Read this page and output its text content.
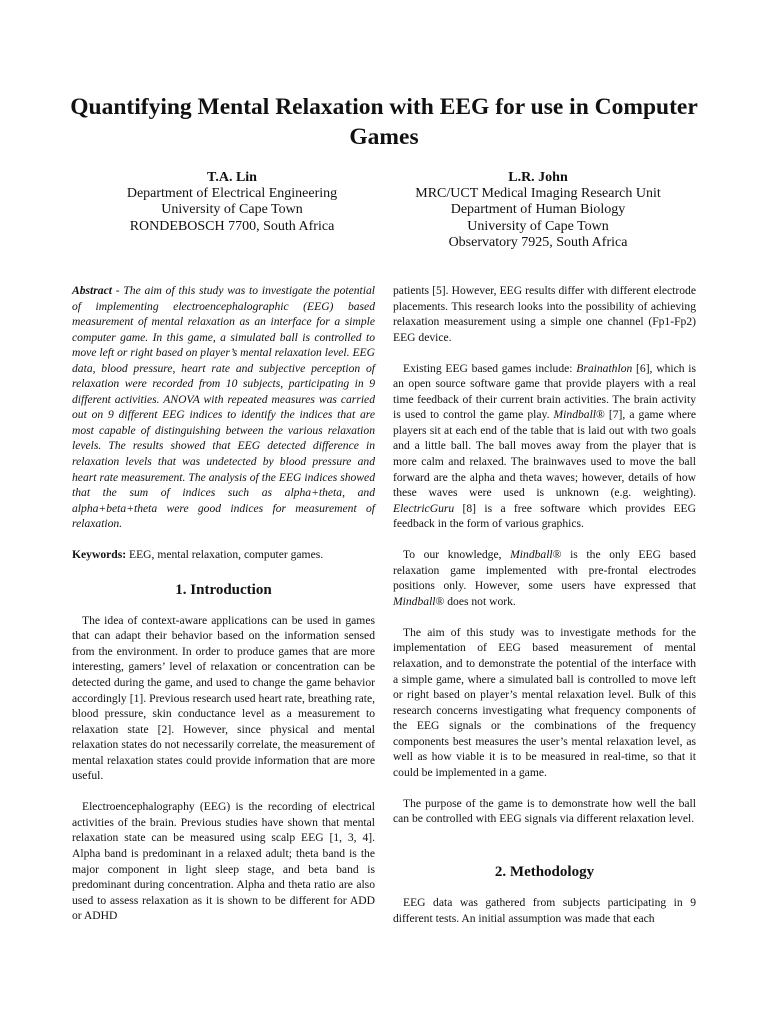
Quantifying Mental Relaxation with EEG for use in Computer Games
T.A. Lin
Department of Electrical Engineering
University of Cape Town
RONDEBOSCH 7700, South Africa
L.R. John
MRC/UCT Medical Imaging Research Unit
Department of Human Biology
University of Cape Town
Observatory 7925, South Africa

Abstract - The aim of this study was to investigate the potential of implementing electroencephalographic (EEG) based measurement of mental relaxation as an interface for a simple computer game. In this game, a simulated ball is controlled to move left or right based on player’s mental relaxation level. EEG data, blood pressure, heart rate and subjective perception of relaxation were recorded from 10 subjects, participating in 9 different activities. ANOVA with repeated measures was carried out on 9 different EEG indices to identify the indices that are most capable of distinguishing between the various relaxation levels. The results showed that EEG detected difference in relaxation levels that was undetected by blood pressure and heart rate measurement. The analysis of the EEG indices showed that the sum of indices such as alpha+theta, and alpha+beta+theta were good indices for measurement of relaxation.

Keywords: EEG, mental relaxation, computer games.

1. Introduction

The idea of context-aware applications can be used in games that can adapt their behavior based on the information sensed from the environment. In order to produce games that are more interesting, gamers’ level of relaxation or concentration can be detected during the game, and used to change the game behavior accordingly [1]. Previous research used heart rate, breathing rate, blood pressure, skin conductance level as a measurement to relaxation state [2]. However, since physical and mental relaxation states do not necessarily correlate, the measurement of mental relaxation states could provide information that are more useful.

Electroencephalography (EEG) is the recording of electrical activities of the brain. Previous studies have shown that mental relaxation state can be measured using scalp EEG [1, 3, 4]. Alpha band is predominant in a relaxed adult; theta band is the major component in light sleep stage, and beta band is predominant during concentration. Alpha and theta ratio are also used to assess relaxation as it is shown to be different for ADD or ADHD

patients [5]. However, EEG results differ with different electrode placements. This research looks into the possibility of achieving relaxation measurement using a simple one channel (Fp1-Fp2) EEG device.

Existing EEG based games include: Brainathlon [6], which is an open source software game that provide players with a real time feedback of their current brain activities. The brain activity is used to control the game play. Mindball® [7], a game where players sit at each end of the table that is laid out with two goals and a little ball. The ball moves away from the player that is more calm and relaxed. The brainwaves used to move the ball forward are the alpha and theta waves; however, details of how these waves were used is unknown (e.g. weighting). ElectricGuru [8] is a free software which provides EEG feedback in the form of various graphics.

To our knowledge, Mindball® is the only EEG based relaxation game implemented with pre-frontal electrodes positions only. However, some users have expressed that Mindball® does not work.

The aim of this study was to investigate methods for the implementation of EEG based measurement of mental relaxation, and to demonstrate the potential of the interface with a simple game, where a simulated ball is controlled to move left or right based on player’s mental relaxation level. Bulk of this research concerns investigating what frequency components of the EEG signals or the combinations of the frequency components best measures the user’s mental relaxation level, as well as how viable it is to be measured in real-time, so that it could be implemented in a game.

The purpose of the game is to demonstrate how well the ball can be controlled with EEG signals via different relaxation level.

2. Methodology

EEG data was gathered from subjects participating in 9 different tests. An initial assumption was made that each
